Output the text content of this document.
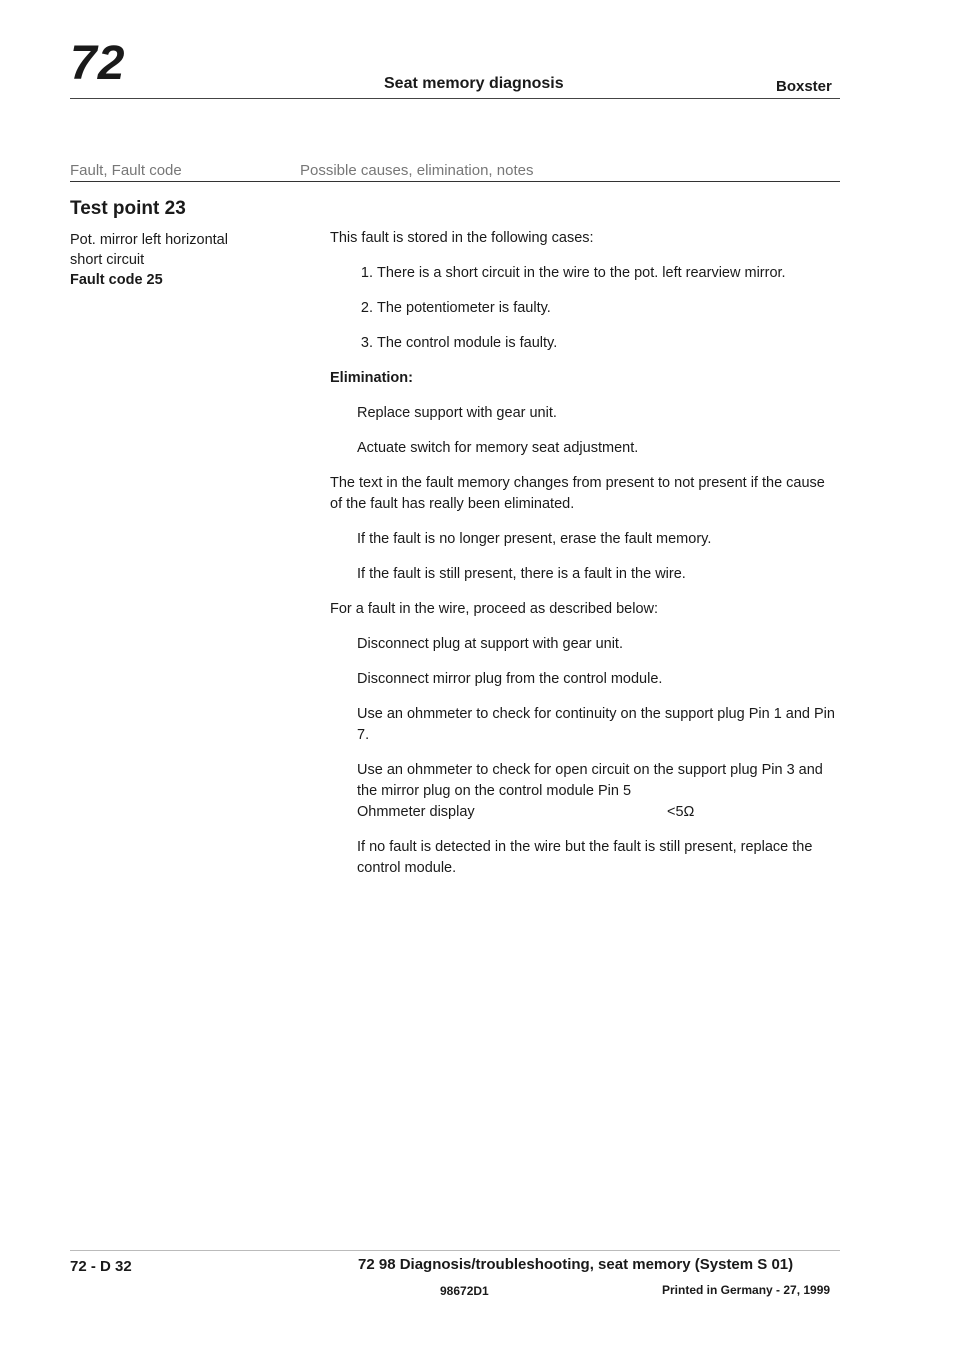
72	Seat memory diagnosis	Boxster
Fault, Fault code	Possible causes, elimination, notes
Test point 23

Pot. mirror left horizontal

short circuit

Fault code 25

This fault is stored in the following cases:

1. There is a short circuit in the wire to the pot. left rearview mirror.
2. The potentiometer is faulty.
3. The control module is faulty.

Elimination:

Replace support with gear unit.

Actuate switch for memory seat adjustment.

The text in the fault memory changes from present to not present if the cause of the fault has really been eliminated.

If the fault is no longer present, erase the fault memory.

If the fault is still present, there is a fault in the wire.

For a fault in the wire, proceed as described below:

Disconnect plug at support with gear unit.

Disconnect mirror plug from the control module.

Use an ohmmeter to check for continuity on the support plug Pin 1 and Pin 7.

Use an ohmmeter to check for open circuit on the support plug Pin 3 and the mirror plug on the control module Pin 5

Ohmmeter display	<5Ω

If no fault is detected in the wire but the fault is still present, replace the control module.

72 - D 32	72 98 Diagnosis/troubleshooting, seat memory (System S 01)
98672D1	Printed in Germany - 27, 1999
